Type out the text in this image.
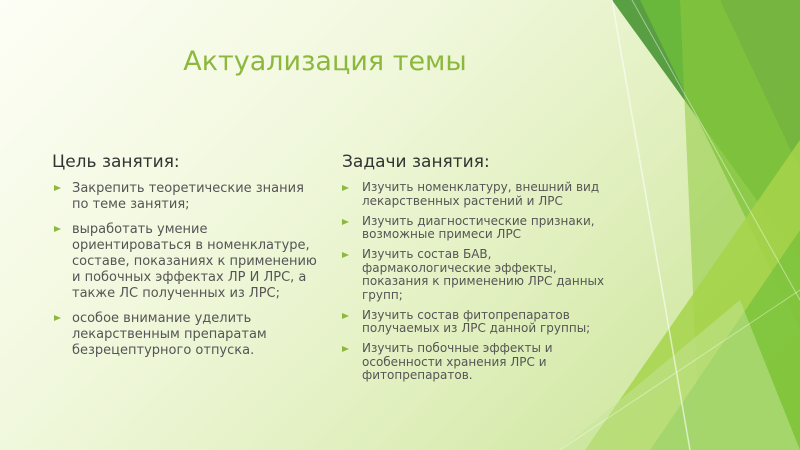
Актуализация темы
Цель занятия:
Закрепить теоретические знания по теме занятия;
выработать умение ориентироваться в номенклатуре, составе, показаниях к применению и побочных эффектах ЛР И ЛРС, а также ЛС полученных из ЛРС;
особое внимание уделить лекарственным препаратам безрецептурного отпуска.
Задачи занятия:
Изучить номенклатуру, внешний вид лекарственных растений и ЛРС
Изучить диагностические признаки, возможные примеси ЛРС
Изучить состав БАВ, фармакологические эффекты, показания к применению ЛРС данных групп;
Изучить состав фитопрепаратов получаемых из ЛРС данной группы;
Изучить побочные эффекты и особенности хранения ЛРС и фитопрепаратов.
